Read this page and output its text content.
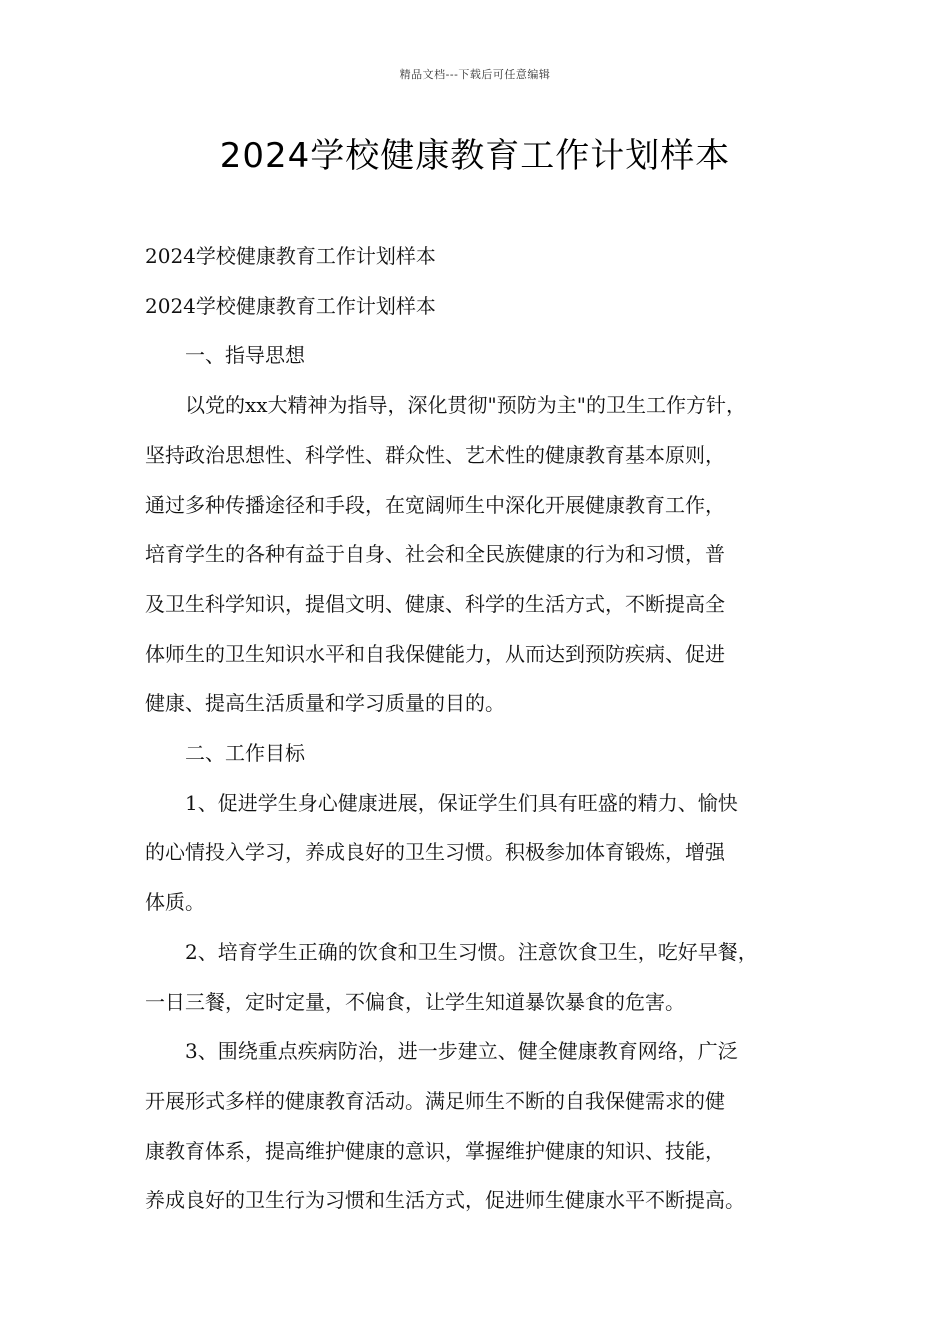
精品文档---下载后可任意编辑
2024学校健康教育工作计划样本

2024学校健康教育工作计划样本

2024学校健康教育工作计划样本

一、指导思想

以党的xx大精神为指导，深化贯彻"预防为主"的卫生工作方针，

坚持政治思想性、科学性、群众性、艺术性的健康教育基本原则，

通过多种传播途径和手段，在宽阔师生中深化开展健康教育工作，

培育学生的各种有益于自身、社会和全民族健康的行为和习惯，普

及卫生科学知识，提倡文明、健康、科学的生活方式，不断提高全

体师生的卫生知识水平和自我保健能力，从而达到预防疾病、促进

健康、提高生活质量和学习质量的目的。

二、工作目标

1、促进学生身心健康进展，保证学生们具有旺盛的精力、愉快

的心情投入学习，养成良好的卫生习惯。积极参加体育锻炼，增强

体质。

2、培育学生正确的饮食和卫生习惯。注意饮食卫生，吃好早餐，

一日三餐，定时定量，不偏食，让学生知道暴饮暴食的危害。

3、围绕重点疾病防治，进一步建立、健全健康教育网络，广泛

开展形式多样的健康教育活动。满足师生不断的自我保健需求的健

康教育体系，提高维护健康的意识，掌握维护健康的知识、技能，

养成良好的卫生行为习惯和生活方式，促进师生健康水平不断提高。
